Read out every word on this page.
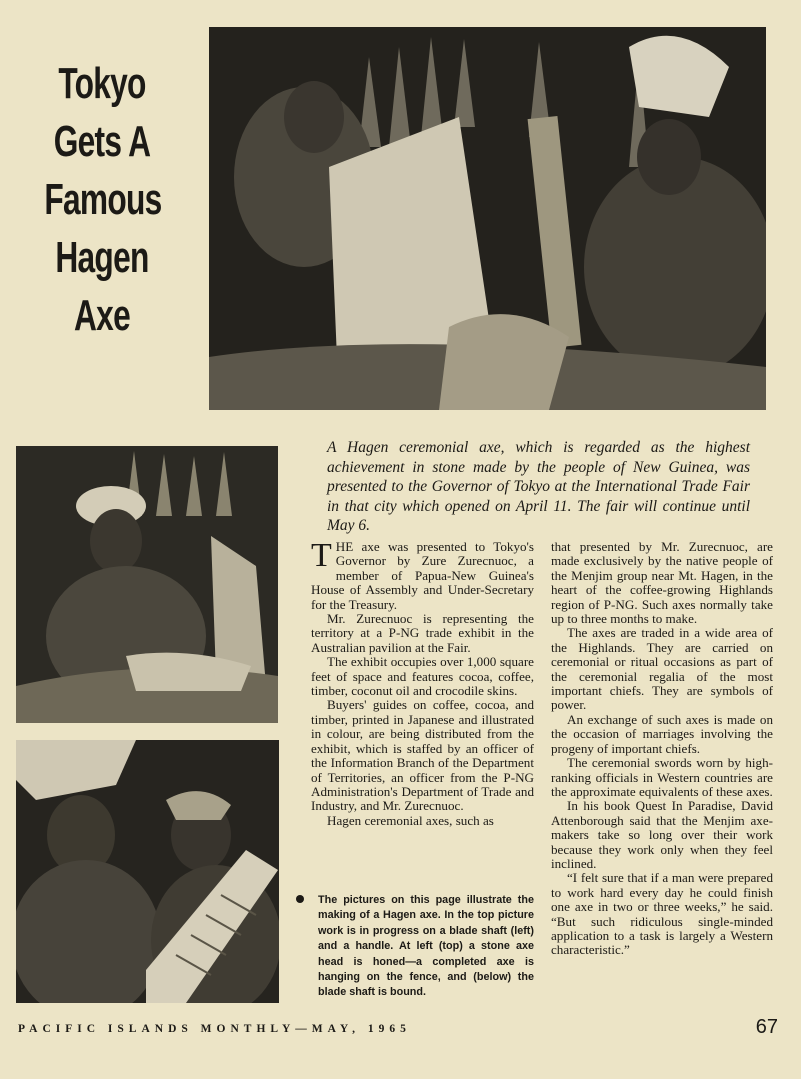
Tokyo
Gets A
Famous
Hagen
Axe
A Hagen ceremonial axe, which is regarded as the highest achievement in stone made by the people of New Guinea, was presented to the Governor of Tokyo at the International Trade Fair in that city which opened on April 11. The fair will continue until May 6.

THE axe was presented to Tokyo's Governor by Zure Zurecnuoc, a member of Papua-New Guinea's House of Assembly and Under-Secretary for the Treasury.

Mr. Zurecnuoc is representing the territory at a P-NG trade exhibit in the Australian pavilion at the Fair.

The exhibit occupies over 1,000 square feet of space and features cocoa, coffee, timber, coconut oil and crocodile skins.

Buyers' guides on coffee, cocoa, and timber, printed in Japanese and illustrated in colour, are being distributed from the exhibit, which is staffed by an officer of the Information Branch of the Department of Territories, an officer from the P-NG Administration's Department of Trade and Industry, and Mr. Zurecnuoc.

Hagen ceremonial axes, such as

that presented by Mr. Zurecnuoc, are made exclusively by the native people of the Menjim group near Mt. Hagen, in the heart of the coffee-growing Highlands region of P-NG. Such axes normally take up to three months to make.

The axes are traded in a wide area of the Highlands. They are carried on ceremonial or ritual occasions as part of the ceremonial regalia of the most important chiefs. They are symbols of power.

An exchange of such axes is made on the occasion of marriages involving the progeny of important chiefs.

The ceremonial swords worn by high-ranking officials in Western countries are the approximate equivalents of these axes.

In his book Quest In Paradise, David Attenborough said that the Menjim axe-makers take so long over their work because they work only when they feel inclined.

“I felt sure that if a man were prepared to work hard every day he could finish one axe in two or three weeks,” he said. “But such ridiculous single-minded application to a task is largely a Western characteristic.”

The pictures on this page illustrate the making of a Hagen axe. In the top picture work is in progress on a blade shaft (left) and a handle. At left (top) a stone axe head is honed—a completed axe is hanging on the fence, and (below) the blade shaft is bound.
PACIFIC ISLANDS MONTHLY—MAY, 1965	67
